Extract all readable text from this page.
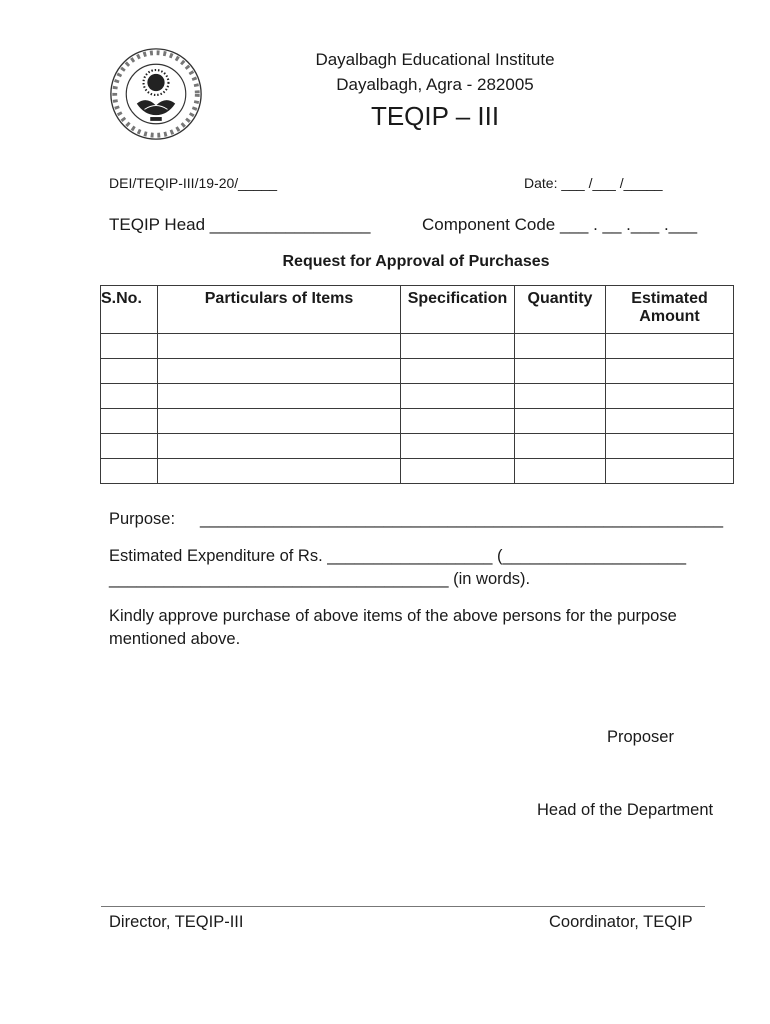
Dayalbagh Educational Institute
Dayalbagh, Agra - 282005
TEQIP – III
DEI/TEQIP-III/19-20/_____	Date: ___ /___ /_____
TEQIP Head _________________	Component Code ___ . __ .___ .___
Request for Approval of Purchases
S.No.	Particulars of Items	Specification	Quantity	Estimated Amount

Purpose: _________________________________________________________
Estimated Expenditure of Rs. __________________ (____________________
_____________________________________ (in words).
Kindly approve purchase of above items of the above persons for the purpose
mentioned above.
Proposer
Head of the Department
Director, TEQIP-III	Coordinator, TEQIP
